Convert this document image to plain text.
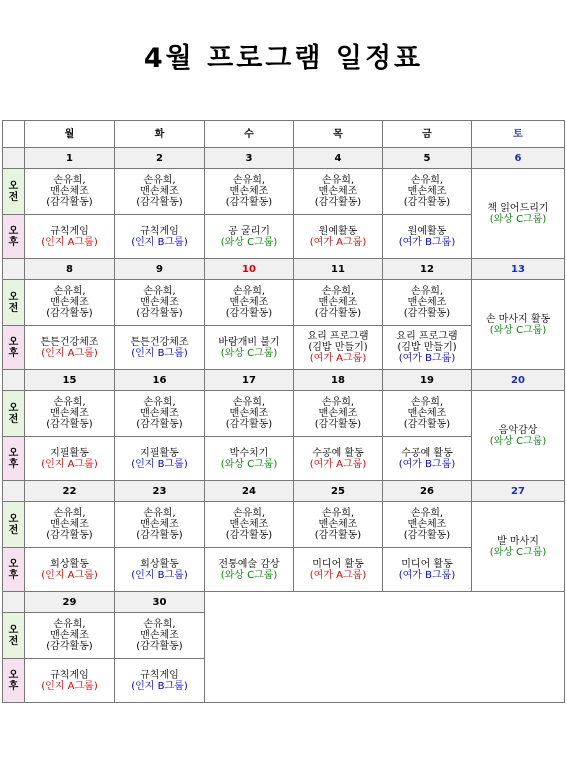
4월 프로그램 일정표
	월	화	수	목	금	토
	1	2	3	4	5	6
오
전	손유희,
맨손체조
(감각활동)	손유희,
맨손체조
(감각활동)	손유희,
맨손체조
(감각활동)	손유희,
맨손체조
(감각활동)	손유희,
맨손체조
(감각활동)	책 읽어드리기
(와상 C그룹)

오
후	규칙게임
(인지 A그룹)	규칙게임
(인지 B그룹)	공 굴리기
(와상 C그룹)	원예활동
(여가 A그룹)	원예활동
(여가 B그룹)	

	8	9	10	11	12	13
오
전	손유희,
맨손체조
(감각활동)	손유희,
맨손체조
(감각활동)	손유희,
맨손체조
(감각활동)	손유희,
맨손체조
(감각활동)	손유희,
맨손체조
(감각활동)	손 마사지 활동
(와상 C그룹)

오
후	튼튼건강체조
(인지 A그룹)	튼튼건강체조
(인지 B그룹)	바람개비 불기
(와상 C그룹)	요리 프로그램
(김밥 만들기)
(여가 A그룹)	요리 프로그램
(김밥 만들기)
(여가 B그룹)	

	15	16	17	18	19	20
오
전	손유희,
맨손체조
(감각활동)	손유희,
맨손체조
(감각활동)	손유희,
맨손체조
(감각활동)	손유희,
맨손체조
(감각활동)	손유희,
맨손체조
(감각활동)	음악감상
(와상 C그룹)

오
후	지필활동
(인지 A그룹)	지필활동
(인지 B그룹)	박수치기
(와상 C그룹)	수공예 활동
(여가 A그룹)	수공예 활동
(여가 B그룹)	

	22	23	24	25	26	27
오
전	손유희,
맨손체조
(감각활동)	손유희,
맨손체조
(감각활동)	손유희,
맨손체조
(감각활동)	손유희,
맨손체조
(감각활동)	손유희,
맨손체조
(감각활동)	발 마사지
(와상 C그룹)

오
후	회상활동
(인지 A그룹)	회상활동
(인지 B그룹)	전통예술 감상
(와상 C그룹)	미디어 활동
(여가 A그룹)	미디어 활동
(여가 B그룹)	

	29	30				
오
전	손유희,
맨손체조
(감각활동)	손유희,
맨손체조
(감각활동)				
오
후	규칙게임
(인지 A그룹)	규칙게임
(인지 B그룹)				
